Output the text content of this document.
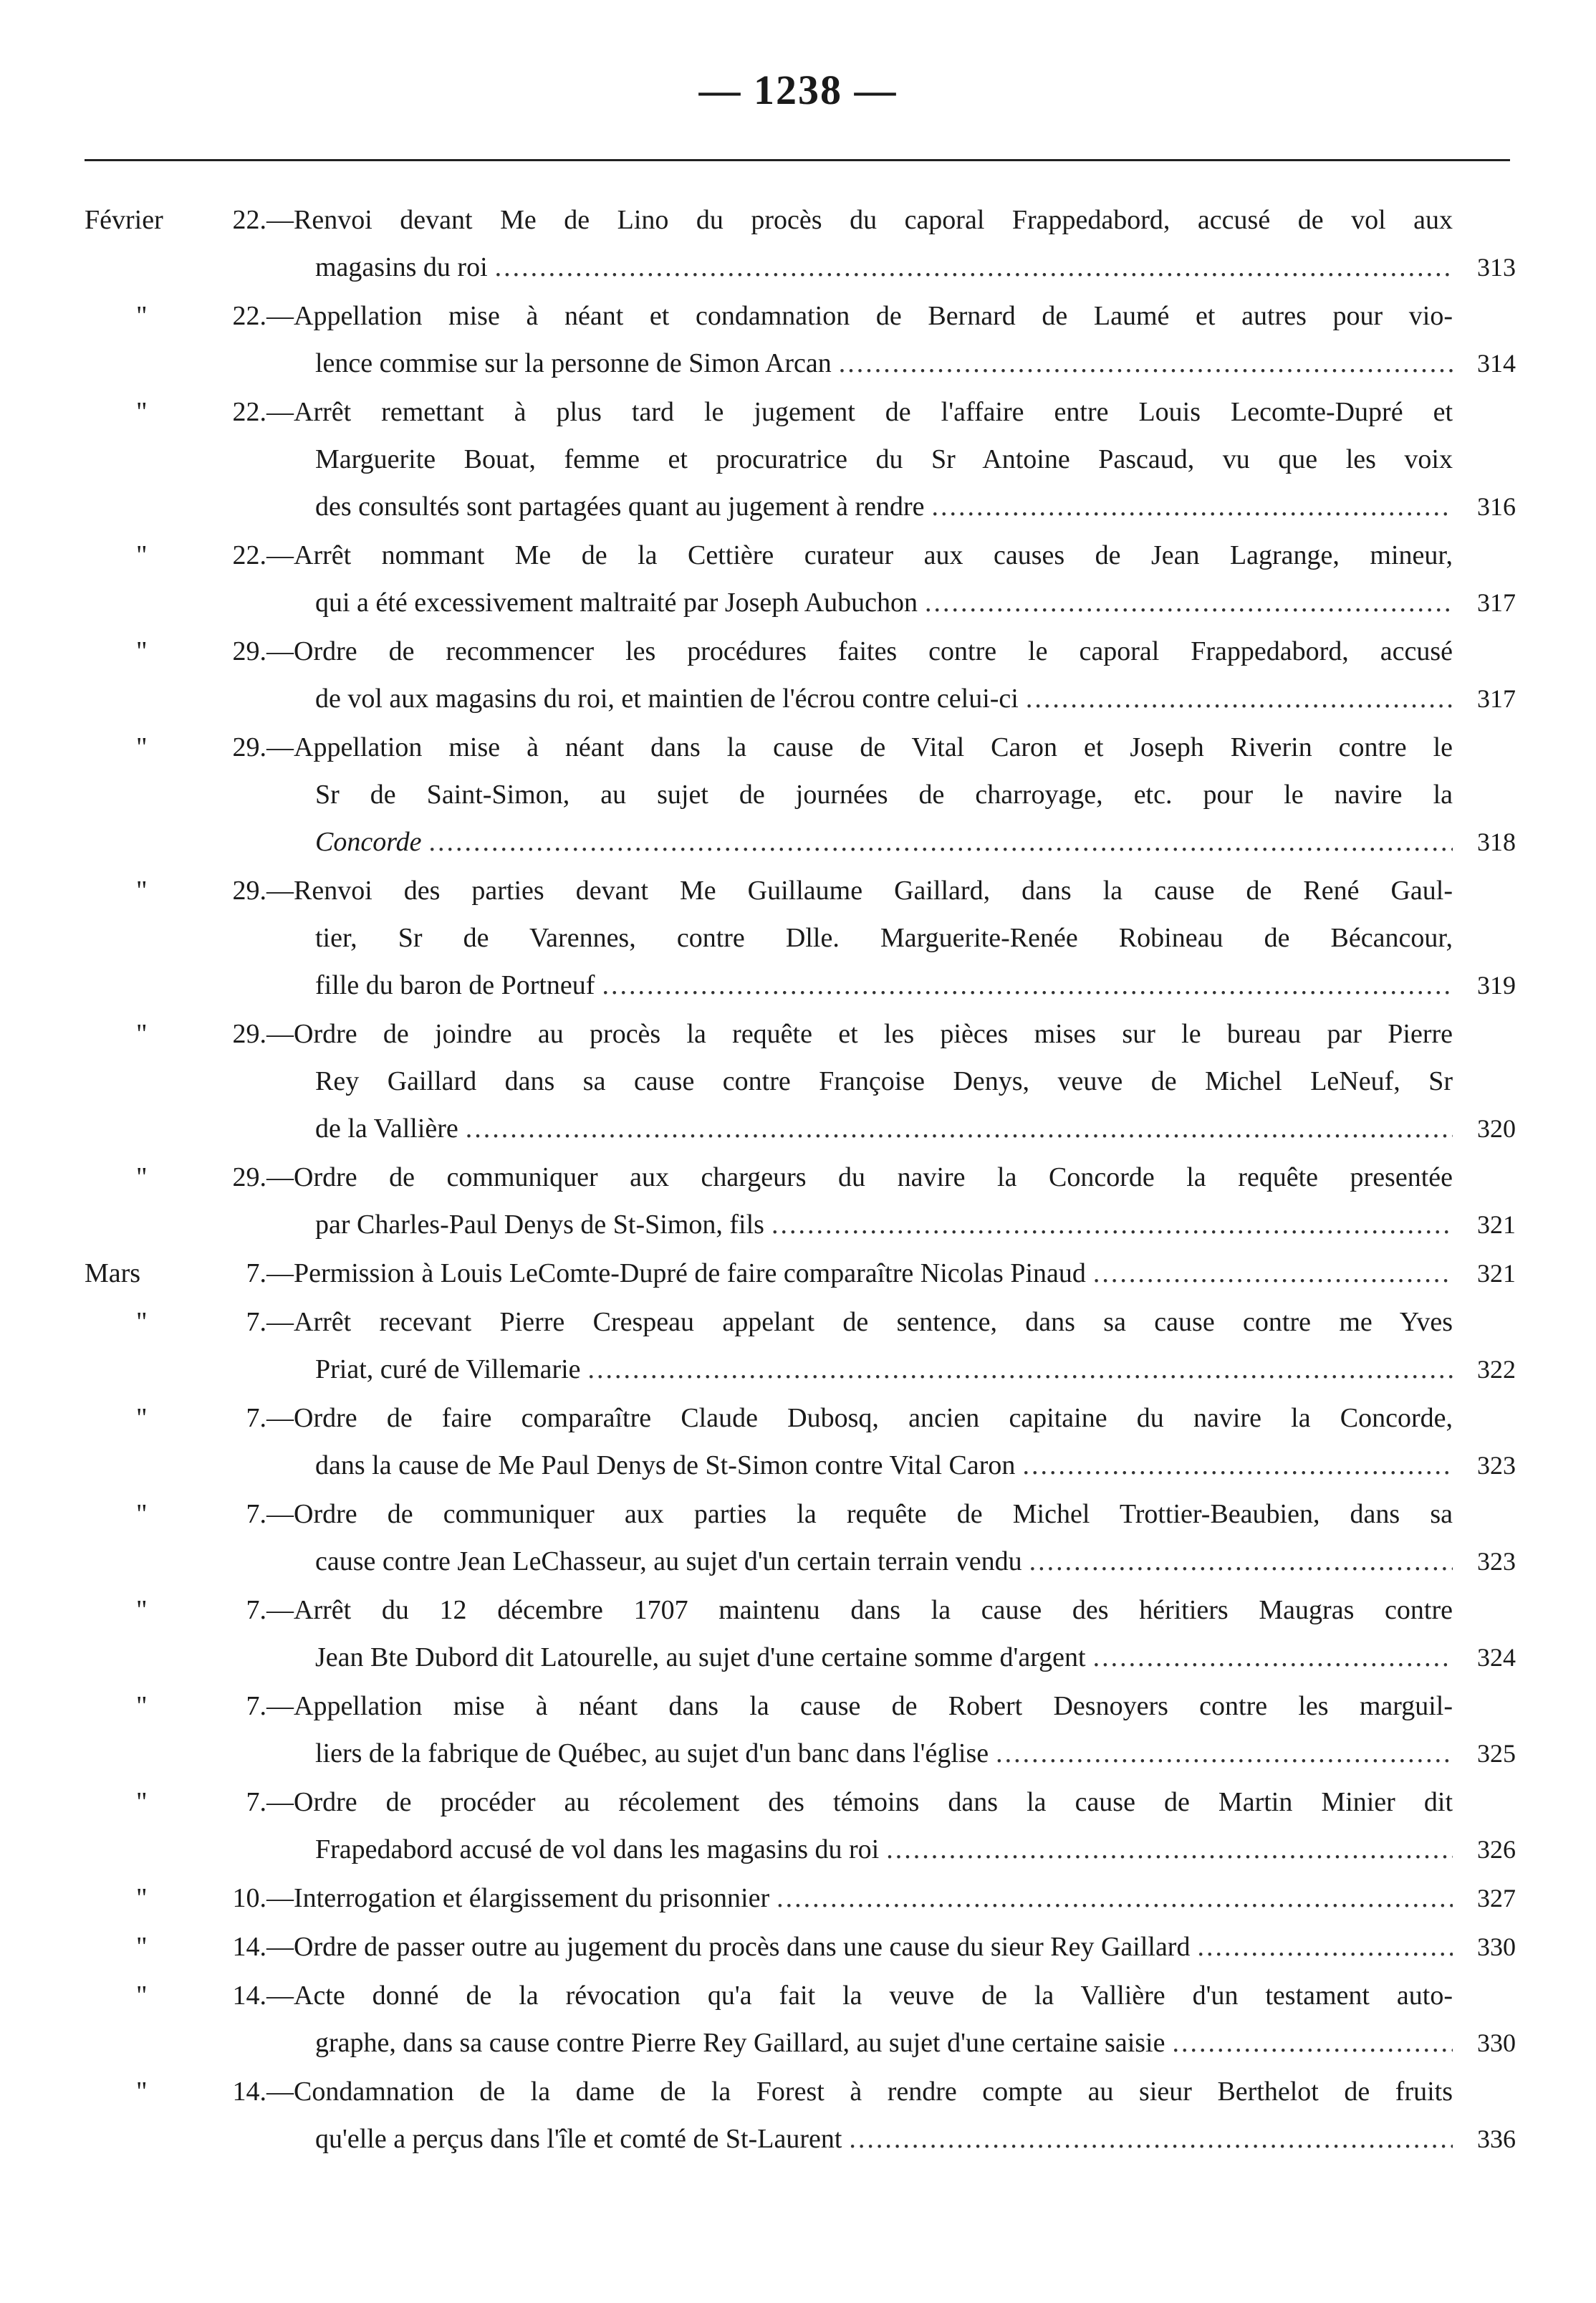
— 1238 —
Février	22. —Renvoi devant Me de Lino du procès du caporal Frappedabord, accusé de vol aux
magasins du roi .....	313
"	22. —Appellation mise à néant et condamnation de Bernard de Laumé et autres pour vio-
lence commise sur la personne de Simon Arcan .....	314
"	22. —Arrêt remettant à plus tard le jugement de l'affaire entre Louis Lecomte-Dupré et
Marguerite Bouat, femme et procuratrice du Sr Antoine Pascaud, vu que les voix
des consultés sont partagées quant au jugement à rendre .....	316
"	22. —Arrêt nommant Me de la Cettière curateur aux causes de Jean Lagrange, mineur,
qui a été excessivement maltraité par Joseph Aubuchon .....	317
"	29. —Ordre de recommencer les procédures faites contre le caporal Frappedabord, accusé
de vol aux magasins du roi, et maintien de l'écrou contre celui-ci .....	317
"	29. —Appellation mise à néant dans la cause de Vital Caron et Joseph Riverin contre le
Sr de Saint-Simon, au sujet de journées de charroyage, etc. pour le navire la
Concorde .....	318
"	29. —Renvoi des parties devant Me Guillaume Gaillard, dans la cause de René Gaul-
tier, Sr de Varennes, contre Dlle. Marguerite-Renée Robineau de Bécancour,
fille du baron de Portneuf .....	319
"	29. —Ordre de joindre au procès la requête et les pièces mises sur le bureau par Pierre
Rey Gaillard dans sa cause contre Françoise Denys, veuve de Michel LeNeuf, Sr
de la Vallière .....	320
"	29. —Ordre de communiquer aux chargeurs du navire la Concorde la requête presentée
par Charles-Paul Denys de St-Simon, fils .....	321
Mars	7. —Permission à Louis LeComte-Dupré de faire comparaître Nicolas Pinaud .....	321
"	7. —Arrêt recevant Pierre Crespeau appelant de sentence, dans sa cause contre me Yves
Priat, curé de Villemarie .....	322
"	7. —Ordre de faire comparaître Claude Dubosq, ancien capitaine du navire la Concorde,
dans la cause de Me Paul Denys de St-Simon contre Vital Caron .....	323
"	7. —Ordre de communiquer aux parties la requête de Michel Trottier-Beaubien, dans sa
cause contre Jean LeChasseur, au sujet d'un certain terrain vendu .....	323
"	7. —Arrêt du 12 décembre 1707 maintenu dans la cause des héritiers Maugras contre
Jean Bte Dubord dit Latourelle, au sujet d'une certaine somme d'argent .....	324
"	7. —Appellation mise à néant dans la cause de Robert Desnoyers contre les marguil-
liers de la fabrique de Québec, au sujet d'un banc dans l'église .....	325
"	7. —Ordre de procéder au récolement des témoins dans la cause de Martin Minier dit
Frapedabord accusé de vol dans les magasins du roi .....	326
"	10. —Interrogation et élargissement du prisonnier .....	327
"	14. —Ordre de passer outre au jugement du procès dans une cause du sieur Rey Gaillard .....	330
"	14. —Acte donné de la révocation qu'a fait la veuve de la Vallière d'un testament auto-
graphe, dans sa cause contre Pierre Rey Gaillard, au sujet d'une certaine saisie .....	330
"	14. —Condamnation de la dame de la Forest à rendre compte au sieur Berthelot de fruits
qu'elle a perçus dans l'île et comté de St-Laurent .....	336
